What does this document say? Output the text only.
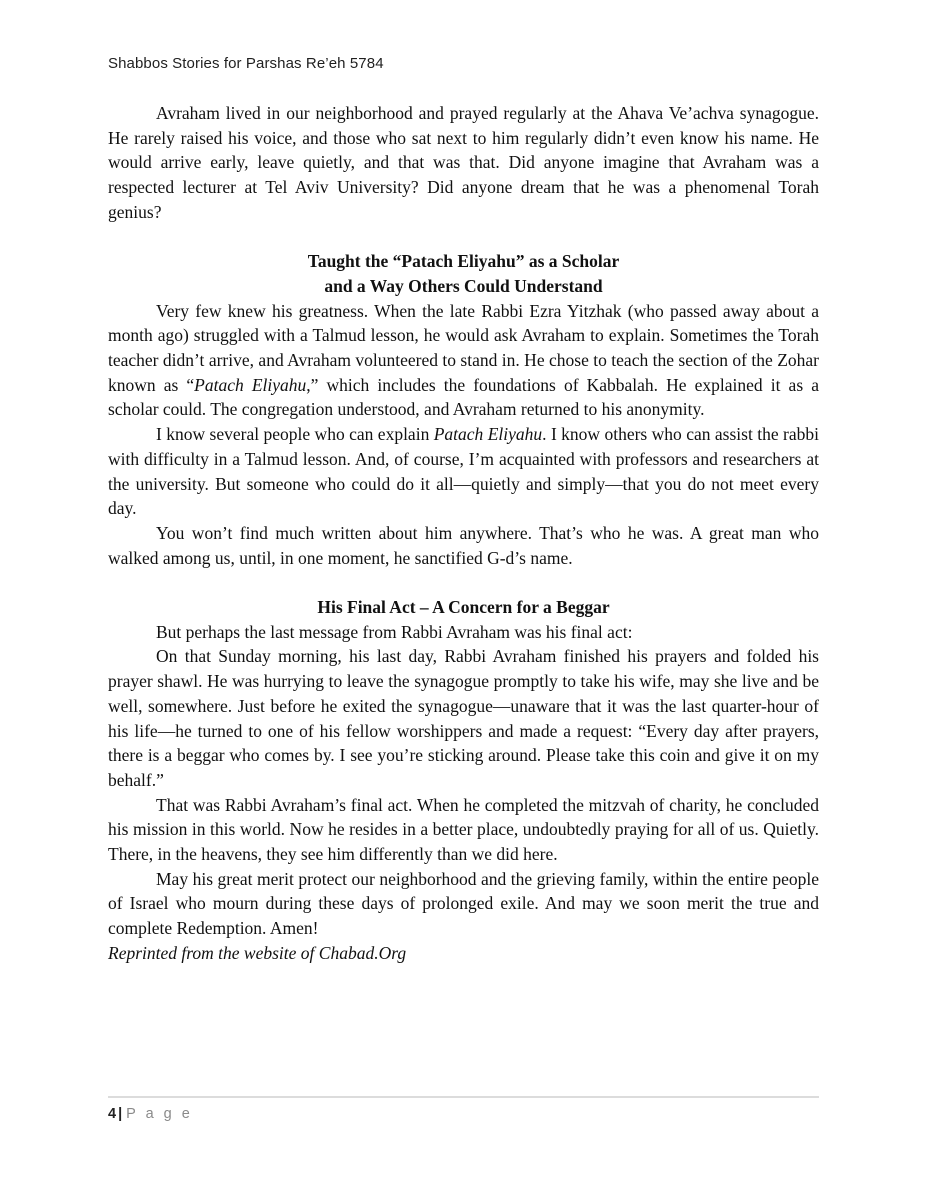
Shabbos Stories for Parshas Re’eh 5784

Avraham lived in our neighborhood and prayed regularly at the Ahava Ve’achva synagogue. He rarely raised his voice, and those who sat next to him regularly didn’t even know his name. He would arrive early, leave quietly, and that was that. Did anyone imagine that Avraham was a respected lecturer at Tel Aviv University? Did anyone dream that he was a phenomenal Torah genius?

Taught the “Patach Eliyahu” as a Scholar
and a Way Others Could Understand

Very few knew his greatness. When the late Rabbi Ezra Yitzhak (who passed away about a month ago) struggled with a Talmud lesson, he would ask Avraham to explain. Sometimes the Torah teacher didn’t arrive, and Avraham volunteered to stand in. He chose to teach the section of the Zohar known as “Patach Eliyahu,” which includes the foundations of Kabbalah. He explained it as a scholar could. The congregation understood, and Avraham returned to his anonymity.

I know several people who can explain Patach Eliyahu. I know others who can assist the rabbi with difficulty in a Talmud lesson. And, of course, I’m acquainted with professors and researchers at the university. But someone who could do it all—quietly and simply—that you do not meet every day.

You won’t find much written about him anywhere. That’s who he was. A great man who walked among us, until, in one moment, he sanctified G-d’s name.

His Final Act – A Concern for a Beggar

But perhaps the last message from Rabbi Avraham was his final act:

On that Sunday morning, his last day, Rabbi Avraham finished his prayers and folded his prayer shawl. He was hurrying to leave the synagogue promptly to take his wife, may she live and be well, somewhere. Just before he exited the synagogue—unaware that it was the last quarter-hour of his life—he turned to one of his fellow worshippers and made a request: “Every day after prayers, there is a beggar who comes by. I see you’re sticking around. Please take this coin and give it on my behalf.”

That was Rabbi Avraham’s final act. When he completed the mitzvah of charity, he concluded his mission in this world. Now he resides in a better place, undoubtedly praying for all of us. Quietly. There, in the heavens, they see him differently than we did here.

May his great merit protect our neighborhood and the grieving family, within the entire people of Israel who mourn during these days of prolonged exile. And may we soon merit the true and complete Redemption. Amen!

Reprinted from the website of Chabad.Org

4 | P a g e
